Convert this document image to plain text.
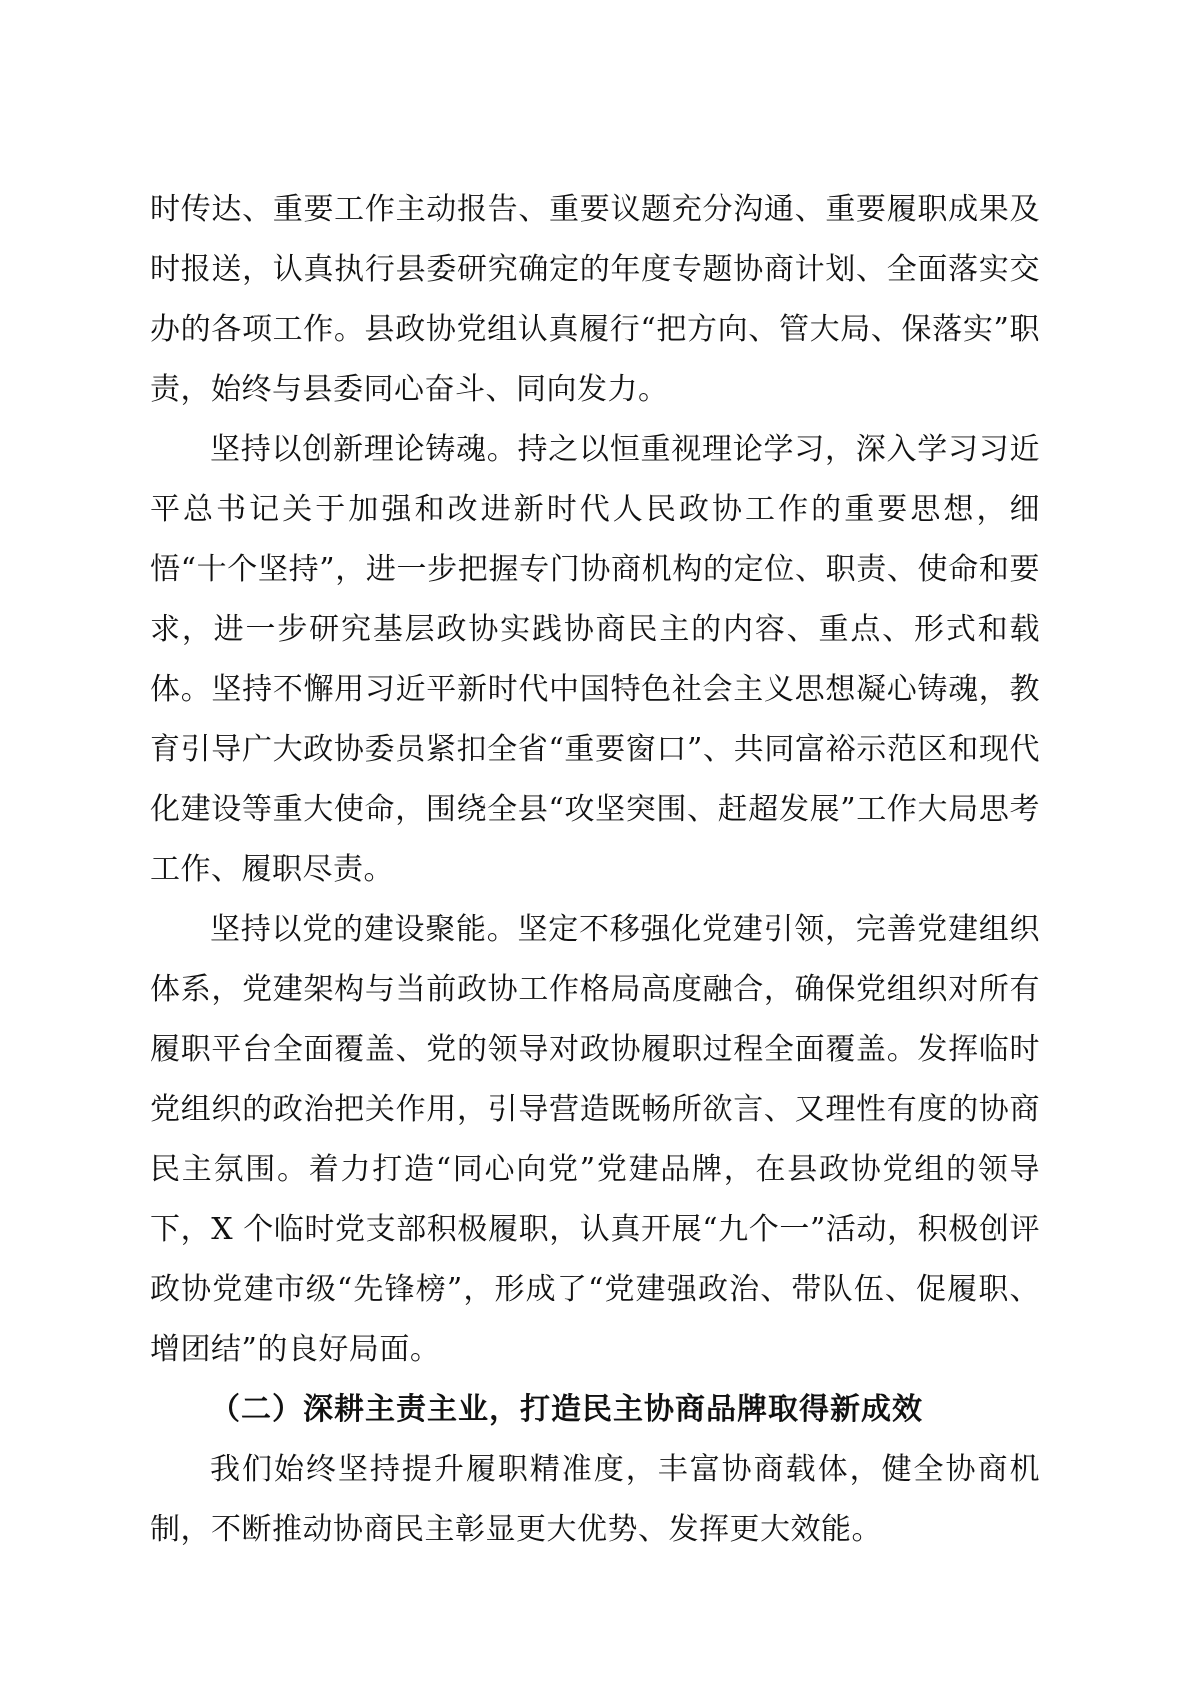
时传达、重要工作主动报告、重要议题充分沟通、重要履职成果及时报送，认真执行县委研究确定的年度专题协商计划、全面落实交办的各项工作。县政协党组认真履行“把方向、管大局、保落实”职责，始终与县委同心奋斗、同向发力。

坚持以创新理论铸魂。持之以恒重视理论学习，深入学习习近平总书记关于加强和改进新时代人民政协工作的重要思想，细悟“十个坚持”，进一步把握专门协商机构的定位、职责、使命和要求，进一步研究基层政协实践协商民主的内容、重点、形式和载体。坚持不懈用习近平新时代中国特色社会主义思想凝心铸魂，教育引导广大政协委员紧扣全省“重要窗口”、共同富裕示范区和现代化建设等重大使命，围绕全县“攻坚突围、赶超发展”工作大局思考工作、履职尽责。

坚持以党的建设聚能。坚定不移强化党建引领，完善党建组织体系，党建架构与当前政协工作格局高度融合，确保党组织对所有履职平台全面覆盖、党的领导对政协履职过程全面覆盖。发挥临时党组织的政治把关作用，引导营造既畅所欲言、又理性有度的协商民主氛围。着力打造“同心向党”党建品牌，在县政协党组的领导下，X 个临时党支部积极履职，认真开展“九个一”活动，积极创评政协党建市级“先锋榜”，形成了“党建强政治、带队伍、促履职、增团结”的良好局面。

（二）深耕主责主业，打造民主协商品牌取得新成效

我们始终坚持提升履职精准度，丰富协商载体，健全协商机制，不断推动协商民主彰显更大优势、发挥更大效能。
